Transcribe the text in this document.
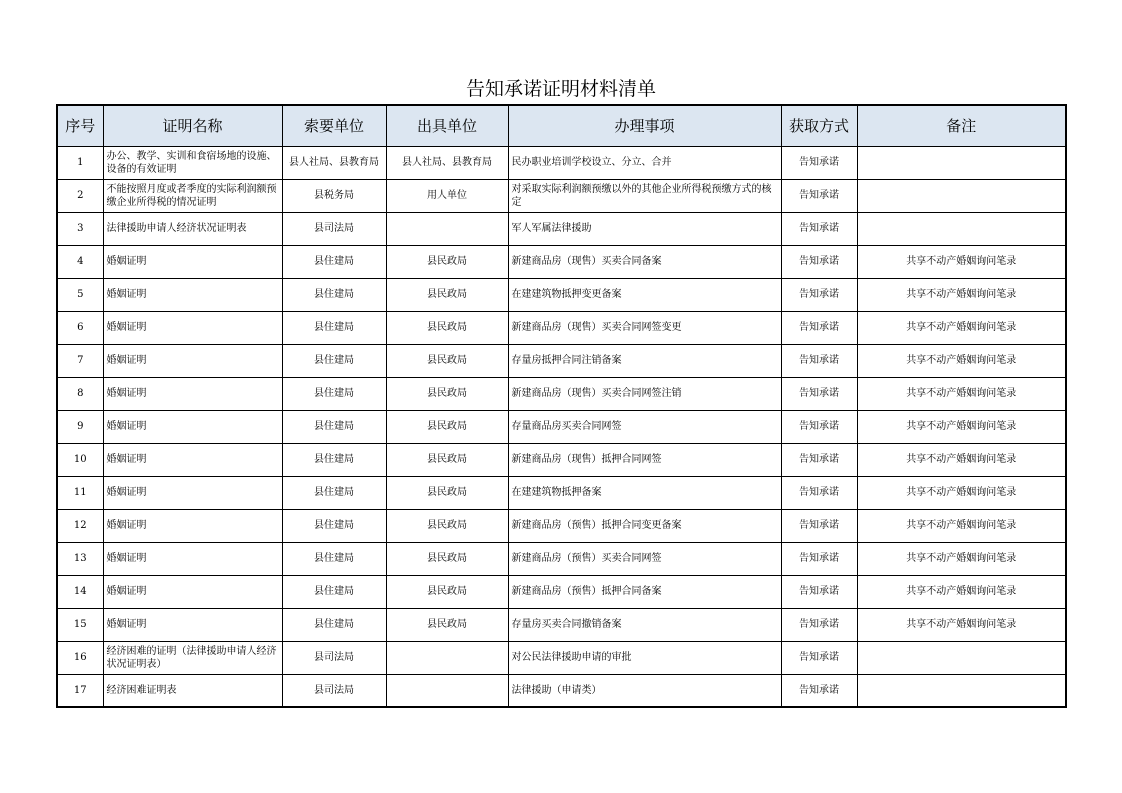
告知承诺证明材料清单
序号	证明名称	索要单位	出具单位	办理事项	获取方式	备注
1	办公、教学、实训和食宿场地的设施、设备的有效证明	县人社局、县教育局	县人社局、县教育局	民办职业培训学校设立、分立、合并	告知承诺	
2	不能按照月度或者季度的实际利润额预缴企业所得税的情况证明	县税务局	用人单位	对采取实际利润额预缴以外的其他企业所得税预缴方式的核定	告知承诺	
3	法律援助申请人经济状况证明表	县司法局		军人军属法律援助	告知承诺	
4	婚姻证明	县住建局	县民政局	新建商品房（现售）买卖合同备案	告知承诺	共享不动产婚姻询问笔录
5	婚姻证明	县住建局	县民政局	在建建筑物抵押变更备案	告知承诺	共享不动产婚姻询问笔录
6	婚姻证明	县住建局	县民政局	新建商品房（现售）买卖合同网签变更	告知承诺	共享不动产婚姻询问笔录
7	婚姻证明	县住建局	县民政局	存量房抵押合同注销备案	告知承诺	共享不动产婚姻询问笔录
8	婚姻证明	县住建局	县民政局	新建商品房（现售）买卖合同网签注销	告知承诺	共享不动产婚姻询问笔录
9	婚姻证明	县住建局	县民政局	存量商品房买卖合同网签	告知承诺	共享不动产婚姻询问笔录
10	婚姻证明	县住建局	县民政局	新建商品房（现售）抵押合同网签	告知承诺	共享不动产婚姻询问笔录
11	婚姻证明	县住建局	县民政局	在建建筑物抵押备案	告知承诺	共享不动产婚姻询问笔录
12	婚姻证明	县住建局	县民政局	新建商品房（预售）抵押合同变更备案	告知承诺	共享不动产婚姻询问笔录
13	婚姻证明	县住建局	县民政局	新建商品房（预售）买卖合同网签	告知承诺	共享不动产婚姻询问笔录
14	婚姻证明	县住建局	县民政局	新建商品房（预售）抵押合同备案	告知承诺	共享不动产婚姻询问笔录
15	婚姻证明	县住建局	县民政局	存量房买卖合同撤销备案	告知承诺	共享不动产婚姻询问笔录
16	经济困难的证明（法律援助申请人经济状况证明表）	县司法局		对公民法律援助申请的审批	告知承诺	
17	经济困难证明表	县司法局		法律援助（申请类）	告知承诺	
